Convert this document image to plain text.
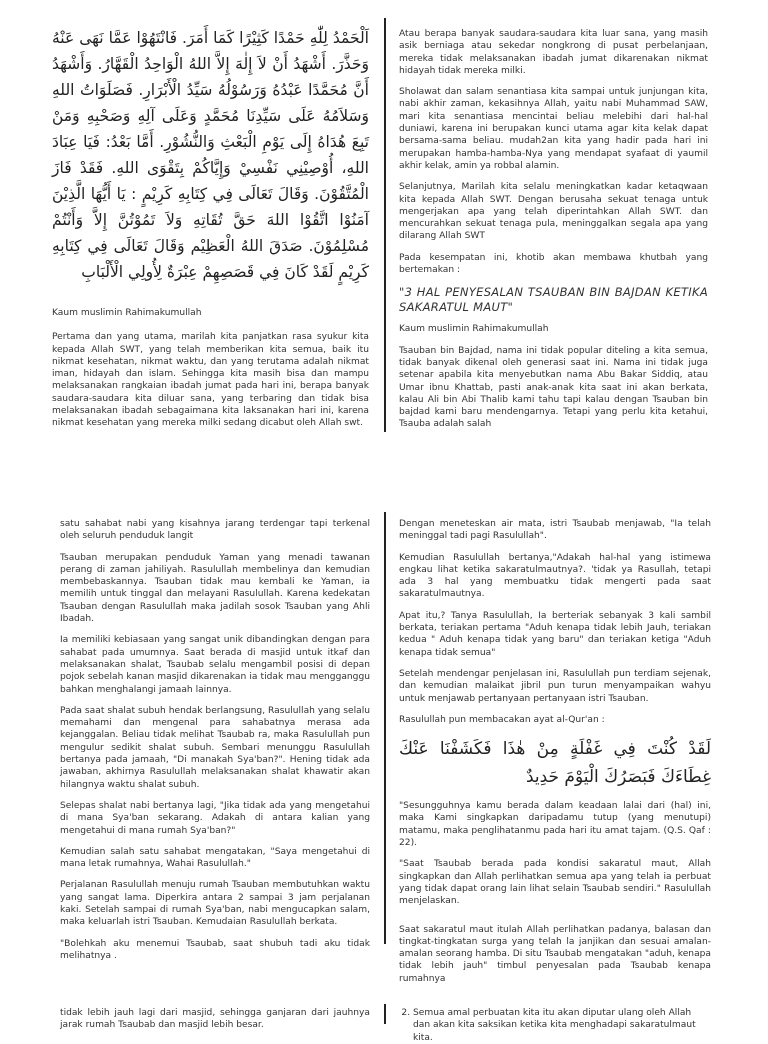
اَلْحَمْدُ لِلّٰهِ حَمْدًا كَثِيْرًا كَمَا أَمَرَ. فَانْتَهُوْا عَمَّا نَهَى عَنْهُ وَحَذَّرَ. أَشْهَدُ أَنْ لاَ إِلٰهَ إِلاَّ اللهُ الْوَاحِدُ الْقَهَّارُ. وَأَشْهَدُ أَنَّ مُحَمَّدًا عَبْدُهُ وَرَسُوْلُهُ سَيِّدُ الْأَبْرَارِ. فَصَلَوَاتُ اللهِ وَسَلاَمُهُ عَلَى سَيِّدِنَا مُحَمَّدٍ وَعَلَى آلِهِ وَصَحْبِهِ وَمَنْ تَبِعَ هُدَاهُ إِلَى يَوْمِ الْبَعْثِ وَالنُّشُوْرِ. أَمَّا بَعْدُ: فَيَا عِبَادَ اللهِ، أُوْصِيْنِي نَفْسِيْ وَإِيَّاكُمْ بِتَقْوَى اللهِ. فَقَدْ فَازَ الْمُتَّقُوْنَ. وَقَالَ تَعَالَى فِي كِتَابِهِ كَرِيْمٍ : يَا أَيُّهَا الَّذِيْنَ آمَنُوْا اتَّقُوْا اللهَ حَقَّ تُقَاتِهِ وَلاَ تَمُوْتُنَّ إِلاَّ وَأَنْتُمْ مُسْلِمُوْنَ. صَدَقَ اللهُ الْعَظِيْم وَقَالَ تَعَالَى فِي كِتَابِهِ كَرِيْمٍ لَقَدْ كَانَ فِي قَصَصِهِمْ عِبْرَةٌ لِأُولِي الْأَلْبَابِ

Kaum muslimin Rahimakumullah

Pertama dan yang utama, marilah kita panjatkan rasa syukur kita kepada Allah SWT, yang telah memberikan kita semua, baik itu nikmat kesehatan, nikmat waktu, dan yang terutama adalah nikmat iman, hidayah dan islam. Sehingga kita masih bisa dan mampu melaksanakan rangkaian ibadah jumat pada hari ini, berapa banyak saudara-saudara kita diluar sana, yang terbaring dan tidak bisa melaksanakan ibadah sebagaimana kita laksanakan hari ini, karena nikmat kesehatan yang mereka milki sedang dicabut oleh Allah swt.

Atau berapa banyak saudara-saudara kita luar sana, yang masih asik berniaga atau sekedar nongkrong di pusat perbelanjaan, mereka tidak melaksanakan ibadah jumat dikarenakan nikmat hidayah tidak mereka milki.

Sholawat dan salam senantiasa kita sampai untuk junjungan kita, nabi akhir zaman, kekasihnya Allah, yaitu nabi Muhammad SAW, mari kita senantiasa mencintai beliau melebihi dari hal-hal duniawi, karena ini berupakan kunci utama agar kita kelak dapat bersama-sama beliau. mudah2an kita yang hadir pada hari ini merupakan hamba-hamba-Nya yang mendapat syafaat di yaumil akhir kelak, amin ya robbal alamin.

Selanjutnya, Marilah kita selalu meningkatkan kadar ketaqwaan kita kepada Allah SWT. Dengan berusaha sekuat tenaga untuk mengerjakan apa yang telah diperintahkan Allah SWT. dan mencurahkan sekuat tenaga pula, meninggalkan segala apa yang dilarang Allah SWT

Pada kesempatan ini, khotib akan membawa khutbah yang bertemakan :

"3 HAL PENYESALAN TSAUBAN BIN BAJDAN KETIKA SAKARATUL MAUT"

Kaum muslimin Rahimakumullah

Tsauban bin Bajdad, nama ini tidak popular diteling a kita semua, tidak banyak dikenal oleh generasi saat ini. Nama ini tidak juga setenar apabila kita menyebutkan nama Abu Bakar Siddiq, atau Umar ibnu Khattab, pasti anak-anak kita saat ini akan berkata, kalau Ali bin Abi Thalib kami tahu tapi kalau dengan Tsauban bin bajdad kami baru mendengarnya. Tetapi yang perlu kita ketahui, Tsauba adalah salah

satu sahabat nabi yang kisahnya jarang terdengar tapi terkenal oleh seluruh penduduk langit

Tsauban merupakan penduduk Yaman yang menadi tawanan perang di zaman jahiliyah. Rasulullah membelinya dan kemudian membebaskannya. Tsauban tidak mau kembali ke Yaman, ia memilih untuk tinggal dan melayani Rasulullah. Karena kedekatan Tsauban dengan Rasulullah maka jadilah sosok Tsauban yang Ahli Ibadah.

Ia memiliki kebiasaan yang sangat unik dibandingkan dengan para sahabat pada umumnya. Saat berada di masjid untuk itkaf dan melaksanakan shalat, Tsaubab selalu mengambil posisi di depan pojok sebelah kanan masjid dikarenakan ia tidak mau mengganggu bahkan menghalangi jamaah lainnya.

Pada saat shalat subuh hendak berlangsung, Rasulullah yang selalu memahami dan mengenal para sahabatnya merasa ada kejanggalan. Beliau tidak melihat Tsaubab ra, maka Rasulullah pun mengulur sedikit shalat subuh. Sembari menunggu Rasulullah bertanya pada jamaah, "Di manakah Sya'ban?". Hening tidak ada jawaban, akhirnya Rasulullah melaksanakan shalat khawatir akan hilangnya waktu shalat subuh.

Selepas shalat nabi bertanya lagi, "Jika tidak ada yang mengetahui di mana Sya'ban sekarang. Adakah di antara kalian yang mengetahui di mana rumah Sya'ban?"

Kemudian salah satu sahabat mengatakan, "Saya mengetahui di mana letak rumahnya, Wahai Rasulullah."

Perjalanan Rasulullah menuju rumah Tsauban membutuhkan waktu yang sangat lama. Diperkira antara 2 sampai 3 jam perjalanan kaki. Setelah sampai di rumah Sya'ban, nabi mengucapkan salam, maka keluarlah istri Tsauban. Kemudaian Rasulullah berkata.

"Bolehkah aku menemui Tsaubab, saat shubuh tadi aku tidak melihatnya .

Dengan meneteskan air mata, istri Tsaubab menjawab, "Ia telah meninggal tadi pagi Rasulullah".

Kemudian Rasulullah bertanya,"Adakah hal-hal yang istimewa engkau lihat ketika sakaratulmautnya?. 'tidak ya Rasullah, tetapi ada 3 hal yang membuatku tidak mengerti pada saat sakaratulmautnya.

Apat itu,? Tanya Rasulullah, Ia berteriak sebanyak 3 kali sambil berkata, teriakan pertama "Aduh kenapa tidak lebih Jauh, teriakan kedua " Aduh kenapa tidak yang baru" dan teriakan ketiga "Aduh kenapa tidak semua"

Setelah mendengar penjelasan ini, Rasulullah pun terdiam sejenak, dan kemudian malaikat jibril pun turun menyampaikan wahyu untuk menjawab pertanyaan pertanyaan istri Tsauban.

Rasulullah pun membacakan ayat al-Qur'an :

لَقَدْ كُنْتَ فِي غَفْلَةٍ مِنْ هٰذَا فَكَشَفْنَا عَنْكَ غِطَاءَكَ فَبَصَرُكَ الْيَوْمَ حَدِيدٌ

"Sesungguhnya kamu berada dalam keadaan lalai dari (hal) ini, maka Kami singkapkan daripadamu tutup (yang menutupi) matamu, maka penglihatanmu pada hari itu amat tajam. (Q.S. Qaf : 22).

"Saat Tsaubab berada pada kondisi sakaratul maut, Allah singkapkan dan Allah perlihatkan semua apa yang telah ia perbuat yang tidak dapat orang lain lihat selain Tsaubab sendiri." Rasulullah menjelaskan.

Saat sakaratul maut itulah Allah perlihatkan padanya, balasan dan tingkat-tingkatan surga yang telah la janjikan dan sesuai amalan-amalan seorang hamba. Di situ Tsaubab mengatakan "aduh, kenapa tidak lebih jauh" timbul penyesalan pada Tsaubab kenapa rumahnya

tidak lebih jauh lagi dari masjid, sehingga ganjaran dari jauhnya jarak rumah Tsaubab dan masjid lebih besar.

2. Semua amal perbuatan kita itu akan diputar ulang oleh Allah dan akan kita saksikan ketika kita menghadapi sakaratulmaut kita.
